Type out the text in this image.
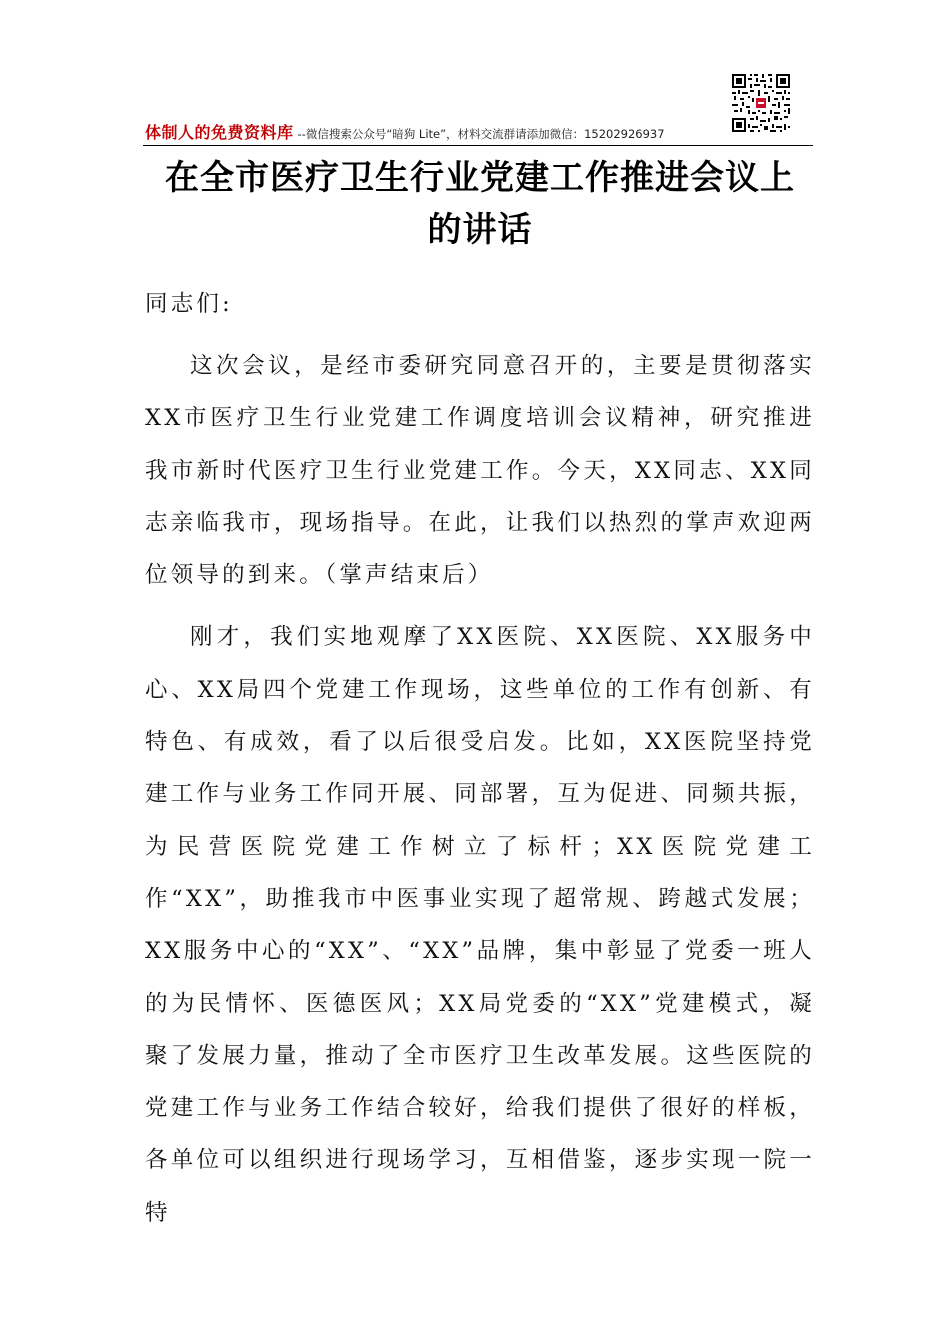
体制人的免费资料库 --微信搜索公众号“暗狗 Lite”，材料交流群请添加微信：15202926937
在全市医疗卫生行业党建工作推进会议上
的讲话
同志们:

这次会议，是经市委研究同意召开的，主要是贯彻落实XX市医疗卫生行业党建工作调度培训会议精神，研究推进我市新时代医疗卫生行业党建工作。今天，XX同志、XX同志亲临我市，现场指导。在此，让我们以热烈的掌声欢迎两位领导的到来。（掌声结束后）

刚才，我们实地观摩了XX医院、XX医院、XX服务中心、XX局四个党建工作现场，这些单位的工作有创新、有特色、有成效，看了以后很受启发。比如，XX医院坚持党建工作与业务工作同开展、同部署，互为促进、同频共振，为民营医院党建工作树立了标杆；XX医院党建工作“XX”，助推我市中医事业实现了超常规、跨越式发展；XX服务中心的“XX”、“XX”品牌，集中彰显了党委一班人的为民情怀、医德医风；XX局党委的“XX”党建模式，凝聚了发展力量，推动了全市医疗卫生改革发展。这些医院的党建工作与业务工作结合较好，给我们提供了很好的样板，各单位可以组织进行现场学习，互相借鉴，逐步实现一院一特
